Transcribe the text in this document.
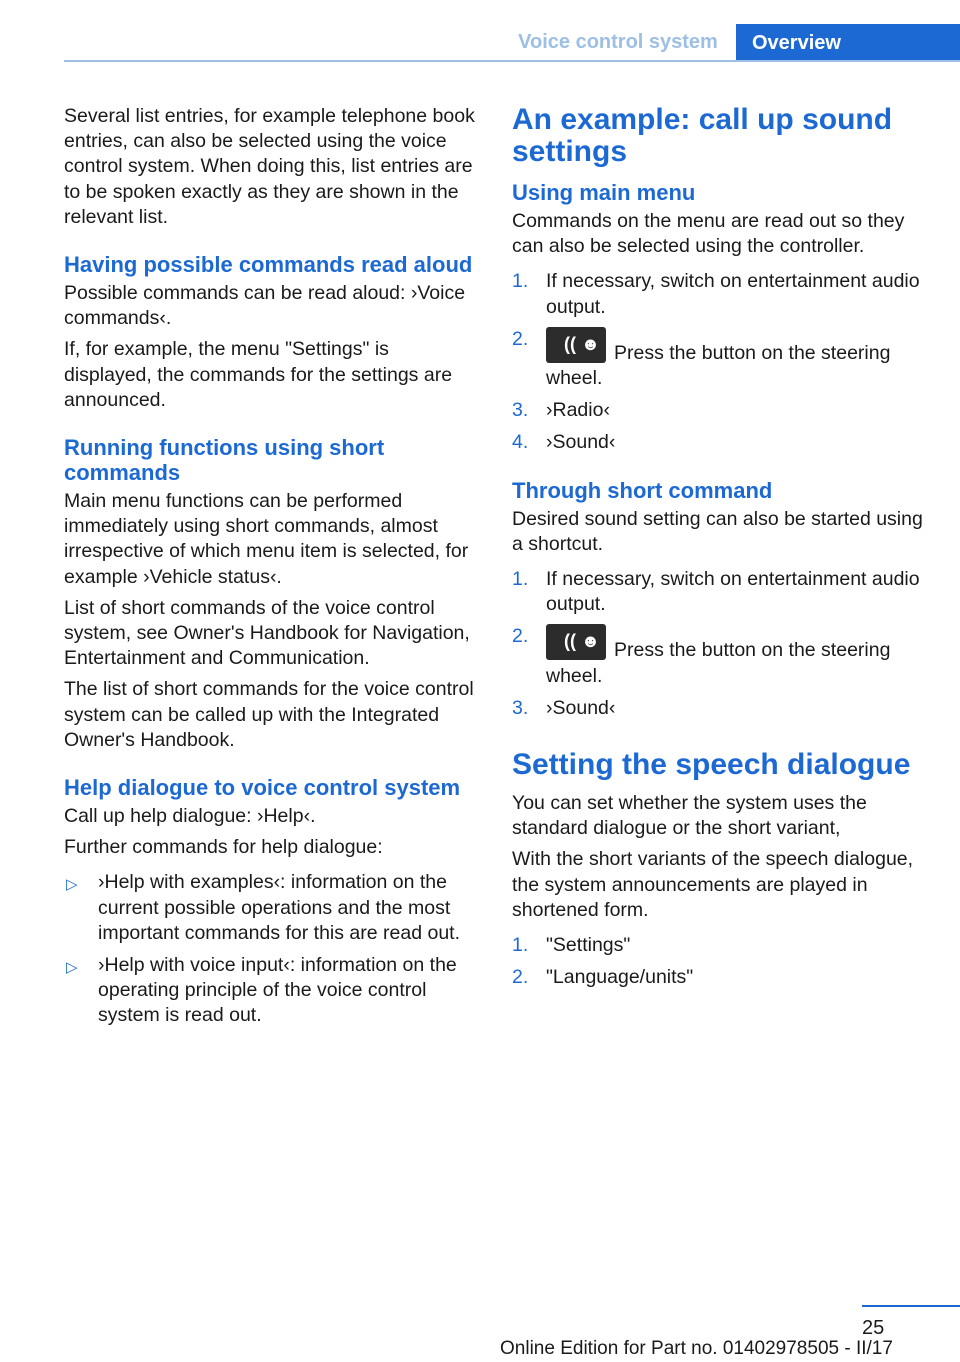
Voice control system	Overview

Several list entries, for example telephone book entries, can also be selected using the voice control system. When doing this, list entries are to be spoken exactly as they are shown in the relevant list.

Having possible commands read aloud

Possible commands can be read aloud: ›Voice commands‹.

If, for example, the menu "Settings" is displayed, the commands for the settings are announced.

Running functions using short commands

Main menu functions can be performed immediately using short commands, almost irrespective of which menu item is selected, for example ›Vehicle status‹.

List of short commands of the voice control system, see Owner's Handbook for Navigation, Entertainment and Communication.

The list of short commands for the voice control system can be called up with the Integrated Owner's Handbook.

Help dialogue to voice control system

Call up help dialogue: ›Help‹.

Further commands for help dialogue:

▷ ›Help with examples‹: information on the current possible operations and the most important commands for this are read out.
▷ ›Help with voice input‹: information on the operating principle of the voice control system is read out.
An example: call up sound settings
Using main menu

Commands on the menu are read out so they can also be selected using the controller.

1. If necessary, switch on entertainment audio output.
2. (( ☻ Press the button on the steering wheel.
3. ›Radio‹
4. ›Sound‹
Through short command

Desired sound setting can also be started using a shortcut.

1. If necessary, switch on entertainment audio output.
2. (( ☻ Press the button on the steering wheel.
3. ›Sound‹
Setting the speech dialogue

You can set whether the system uses the standard dialogue or the short variant,

With the short variants of the speech dialogue, the system announcements are played in shortened form.

1. "Settings"
2. "Language/units"
25
Online Edition for Part no. 01402978505 - II/17
